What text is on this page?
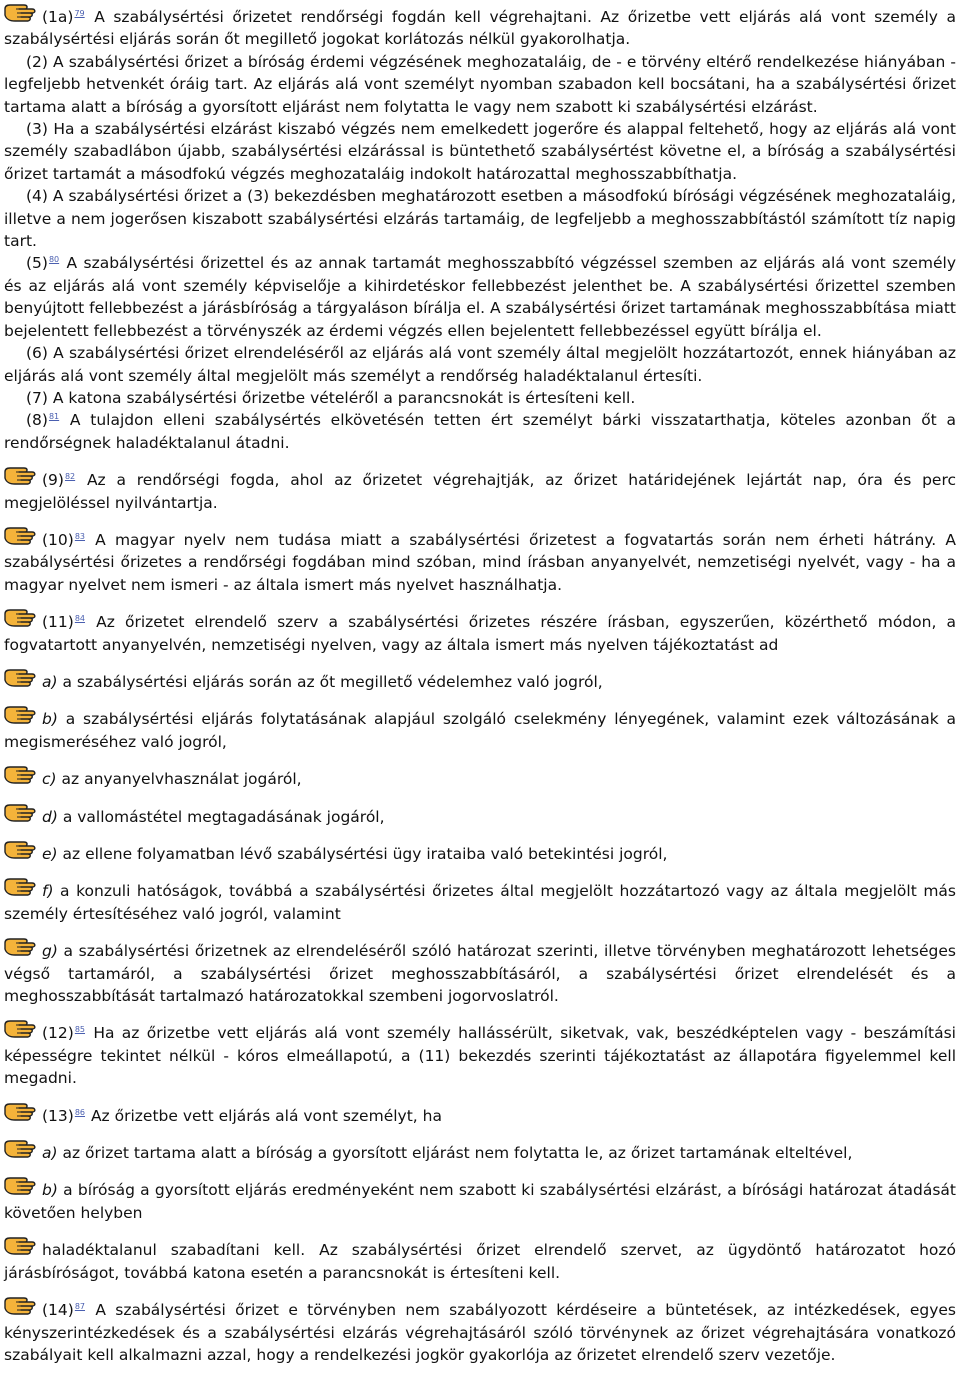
(1a)$^{79}$ A szabálysértési őrizetet rendőrségi fogdán kell végrehajtani. Az őrizetbe vett eljárás alá vont személy a szabálysértési eljárás során őt megillető jogokat korlátozás nélkül gyakorolhatja.

(2) A szabálysértési őrizet a bíróság érdemi végzésének meghozataláig, de - e törvény eltérő rendelkezése hiányában - legfeljebb hetvenkét óráig tart. Az eljárás alá vont személyt nyomban szabadon kell bocsátani, ha a szabálysértési őrizet tartama alatt a bíróság a gyorsított eljárást nem folytatta le vagy nem szabott ki szabálysértési elzárást.

(3) Ha a szabálysértési elzárást kiszabó végzés nem emelkedett jogerőre és alappal feltehető, hogy az eljárás alá vont személy szabadlábon újabb, szabálysértési elzárással is büntethető szabálysértést követne el, a bíróság a szabálysértési őrizet tartamát a másodfokú végzés meghozataláig indokolt határozattal meghosszabbíthatja.

(4) A szabálysértési őrizet a (3) bekezdésben meghatározott esetben a másodfokú bírósági végzésének meghozataláig, illetve a nem jogerősen kiszabott szabálysértési elzárás tartamáig, de legfeljebb a meghosszabbítástól számított tíz napig tart.

(5)$^{80}$ A szabálysértési őrizettel és az annak tartamát meghosszabbító végzéssel szemben az eljárás alá vont személy és az eljárás alá vont személy képviselője a kihirdetéskor fellebbezést jelenthet be. A szabálysértési őrizettel szemben benyújtott fellebbezést a járásbíróság a tárgyaláson bírálja el. A szabálysértési őrizet tartamának meghosszabbítása miatt bejelentett fellebbezést a törvényszék az érdemi végzés ellen bejelentett fellebbezéssel együtt bírálja el.

(6) A szabálysértési őrizet elrendeléséről az eljárás alá vont személy által megjelölt hozzátartozót, ennek hiányában az eljárás alá vont személy által megjelölt más személyt a rendőrség haladéktalanul értesíti.

(7) A katona szabálysértési őrizetbe vételéről a parancsnokát is értesíteni kell.

(8)$^{81}$ A tulajdon elleni szabálysértés elkövetésén tetten ért személyt bárki visszatarthatja, köteles azonban őt a rendőrségnek haladéktalanul átadni.

(9)$^{82}$ Az a rendőrségi fogda, ahol az őrizetet végrehajtják, az őrizet határidejének lejártát nap, óra és perc megjelöléssel nyilvántartja.

(10)$^{83}$ A magyar nyelv nem tudása miatt a szabálysértési őrizetest a fogvatartás során nem érheti hátrány. A szabálysértési őrizetes a rendőrségi fogdában mind szóban, mind írásban anyanyelvét, nemzetiségi nyelvét, vagy - ha a magyar nyelvet nem ismeri - az általa ismert más nyelvet használhatja.

(11)$^{84}$ Az őrizetet elrendelő szerv a szabálysértési őrizetes részére írásban, egyszerűen, közérthető módon, a fogvatartott anyanyelvén, nemzetiségi nyelven, vagy az általa ismert más nyelven tájékoztatást ad

a) a szabálysértési eljárás során az őt megillető védelemhez való jogról,

b) a szabálysértési eljárás folytatásának alapjául szolgáló cselekmény lényegének, valamint ezek változásának a megismeréséhez való jogról,

c) az anyanyelvhasználat jogáról,

d) a vallomástétel megtagadásának jogáról,

e) az ellene folyamatban lévő szabálysértési ügy irataiba való betekintési jogról,

f) a konzuli hatóságok, továbbá a szabálysértési őrizetes által megjelölt hozzátartozó vagy az általa megjelölt más személy értesítéséhez való jogról, valamint

g) a szabálysértési őrizetnek az elrendeléséről szóló határozat szerinti, illetve törvényben meghatározott lehetséges végső tartamáról, a szabálysértési őrizet meghosszabbításáról, a szabálysértési őrizet elrendelését és a meghosszabbítását tartalmazó határozatokkal szembeni jogorvoslatról.

(12)$^{85}$ Ha az őrizetbe vett eljárás alá vont személy hallássérült, siketvak, vak, beszédképtelen vagy - beszámítási képességre tekintet nélkül - kóros elmeállapotú, a (11) bekezdés szerinti tájékoztatást az állapotára figyelemmel kell megadni.

(13)$^{86}$ Az őrizetbe vett eljárás alá vont személyt, ha

a) az őrizet tartama alatt a bíróság a gyorsított eljárást nem folytatta le, az őrizet tartamának elteltével,

b) a bíróság a gyorsított eljárás eredményeként nem szabott ki szabálysértési elzárást, a bírósági határozat átadását követően helyben

haladéktalanul szabadítani kell. Az szabálysértési őrizet elrendelő szervet, az ügydöntő határozatot hozó járásbíróságot, továbbá katona esetén a parancsnokát is értesíteni kell.

(14)$^{87}$ A szabálysértési őrizet e törvényben nem szabályozott kérdéseire a büntetések, az intézkedések, egyes kényszerintézkedések és a szabálysértési elzárás végrehajtásáról szóló törvénynek az őrizet végrehajtására vonatkozó szabályait kell alkalmazni azzal, hogy a rendelkezési jogkör gyakorlója az őrizetet elrendelő szerv vezetője.
